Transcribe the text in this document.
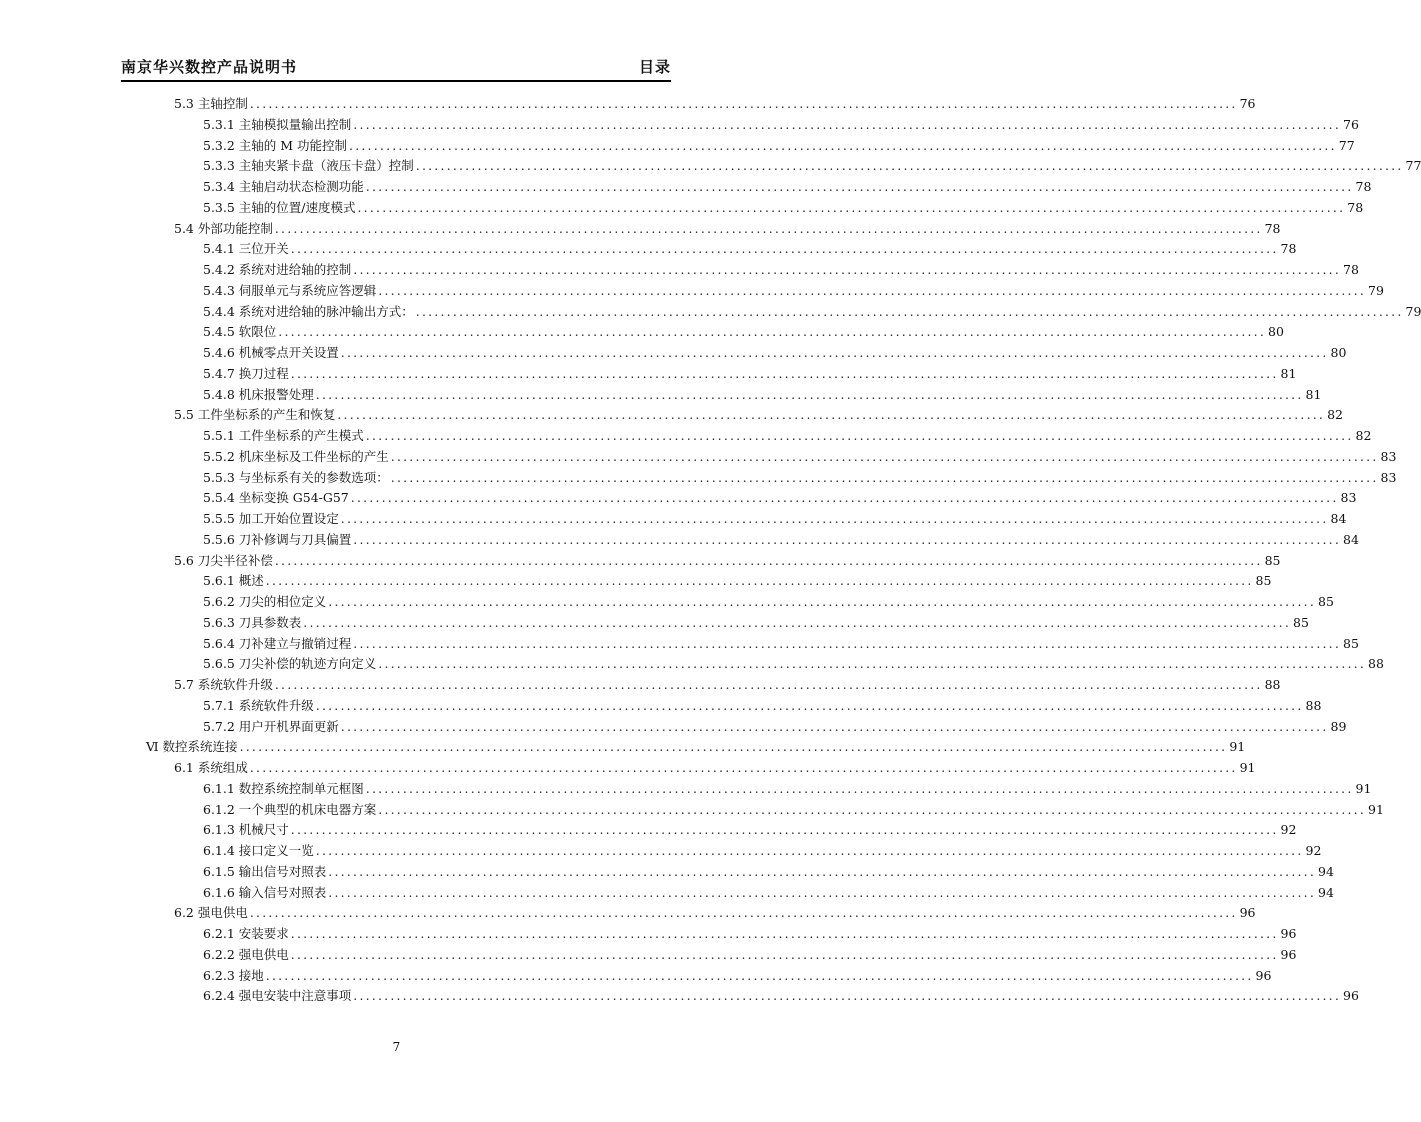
南京华兴数控产品说明书	目录
5.3 主轴控制 ................................................................................................................................................................ 76
5.3.1 主轴模拟量输出控制 ................................................................................................................................................................ 76
5.3.2 主轴的 M 功能控制 ................................................................................................................................................................ 77
5.3.3 主轴夹紧卡盘（液压卡盘）控制 ................................................................................................................................................................ 77
5.3.4 主轴启动状态检测功能 ................................................................................................................................................................ 78
5.3.5 主轴的位置/速度模式 ................................................................................................................................................................ 78
5.4 外部功能控制 ................................................................................................................................................................ 78
5.4.1 三位开关 ................................................................................................................................................................ 78
5.4.2 系统对进给轴的控制 ................................................................................................................................................................ 78
5.4.3 伺服单元与系统应答逻辑 ................................................................................................................................................................ 79
5.4.4 系统对进给轴的脉冲输出方式： ................................................................................................................................................................ 79
5.4.5 软限位 ................................................................................................................................................................ 80
5.4.6 机械零点开关设置 ................................................................................................................................................................ 80
5.4.7 换刀过程 ................................................................................................................................................................ 81
5.4.8 机床报警处理 ................................................................................................................................................................ 81
5.5 工件坐标系的产生和恢复 ................................................................................................................................................................ 82
5.5.1 工件坐标系的产生模式 ................................................................................................................................................................ 82
5.5.2 机床坐标及工件坐标的产生 ................................................................................................................................................................ 83
5.5.3 与坐标系有关的参数选项： ................................................................................................................................................................ 83
5.5.4 坐标变换 G54-G57 ................................................................................................................................................................ 83
5.5.5 加工开始位置设定 ................................................................................................................................................................ 84
5.5.6 刀补修调与刀具偏置 ................................................................................................................................................................ 84
5.6 刀尖半径补偿 ................................................................................................................................................................ 85
5.6.1 概述 ................................................................................................................................................................ 85
5.6.2 刀尖的相位定义 ................................................................................................................................................................ 85
5.6.3 刀具参数表 ................................................................................................................................................................ 85
5.6.4 刀补建立与撤销过程 ................................................................................................................................................................ 85
5.6.5 刀尖补偿的轨迹方向定义 ................................................................................................................................................................ 88
5.7 系统软件升级 ................................................................................................................................................................ 88
5.7.1 系统软件升级 ................................................................................................................................................................ 88
5.7.2 用户开机界面更新 ................................................................................................................................................................ 89
Ⅵ 数控系统连接 ................................................................................................................................................................ 91
6.1 系统组成 ................................................................................................................................................................ 91
6.1.1 数控系统控制单元框图 ................................................................................................................................................................ 91
6.1.2 一个典型的机床电器方案 ................................................................................................................................................................ 91
6.1.3 机械尺寸 ................................................................................................................................................................ 92
6.1.4 接口定义一览 ................................................................................................................................................................ 92
6.1.5 输出信号对照表 ................................................................................................................................................................ 94
6.1.6 输入信号对照表 ................................................................................................................................................................ 94
6.2 强电供电 ................................................................................................................................................................ 96
6.2.1 安装要求 ................................................................................................................................................................ 96
6.2.2 强电供电 ................................................................................................................................................................ 96
6.2.3 接地 ................................................................................................................................................................ 96
6.2.4 强电安装中注意事项 ................................................................................................................................................................ 96
7
